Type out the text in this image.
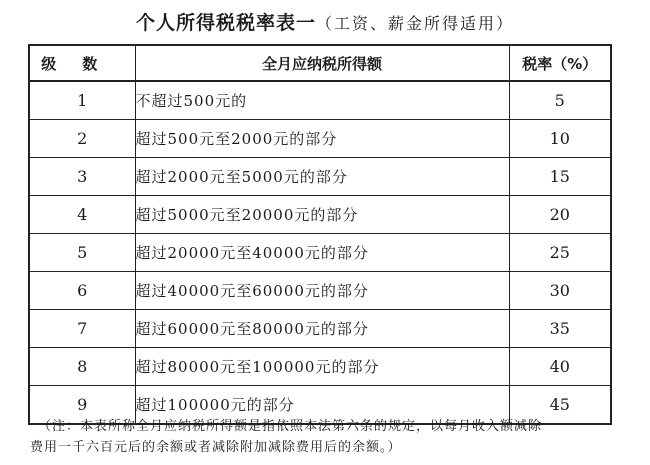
个人所得税税率表一（工资、薪金所得适用）
级数	全月应纳税所得额	税率（%）
1	不超过500元的	5
2	超过500元至2000元的部分	10
3	超过2000元至5000元的部分	15
4	超过5000元至20000元的部分	20
5	超过20000元至40000元的部分	25
6	超过40000元至60000元的部分	30
7	超过60000元至80000元的部分	35
8	超过80000元至100000元的部分	40
9	超过100000元的部分	45
（注：本表所称全月应纳税所得额是指依照本法第六条的规定，以每月收入额减除
费用一千六百元后的余额或者减除附加减除费用后的余额。）
